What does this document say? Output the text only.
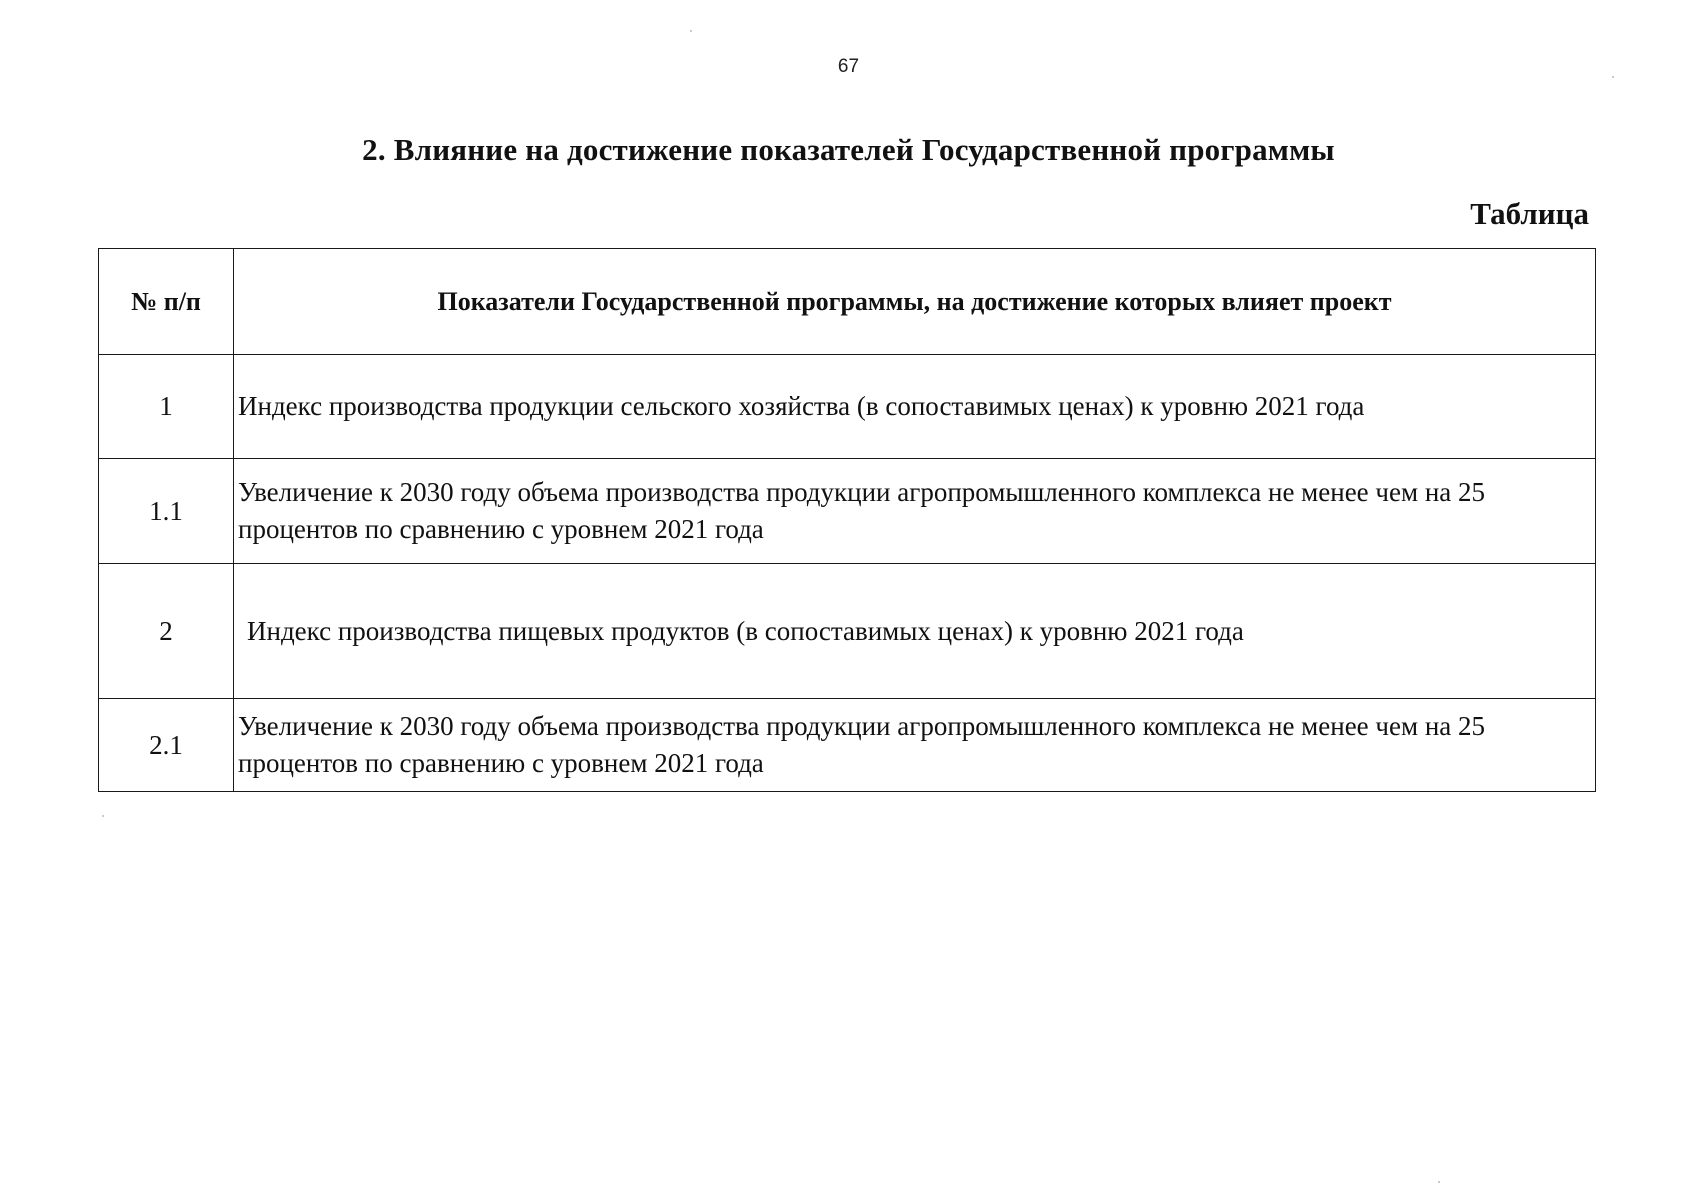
67
2. Влияние на достижение показателей Государственной программы
Таблица
№ п/п	Показатели Государственной программы, на достижение которых влияет проект
1	Индекс производства продукции сельского хозяйства (в сопоставимых ценах) к уровню 2021 года
1.1	Увеличение к 2030 году объема производства продукции агропромышленного комплекса не менее чем на 25 процентов по сравнению с уровнем 2021 года
2	Индекс производства пищевых продуктов (в сопоставимых ценах) к уровню 2021 года
2.1	Увеличение к 2030 году объема производства продукции агропромышленного комплекса не менее чем на 25 процентов по сравнению с уровнем 2021 года
